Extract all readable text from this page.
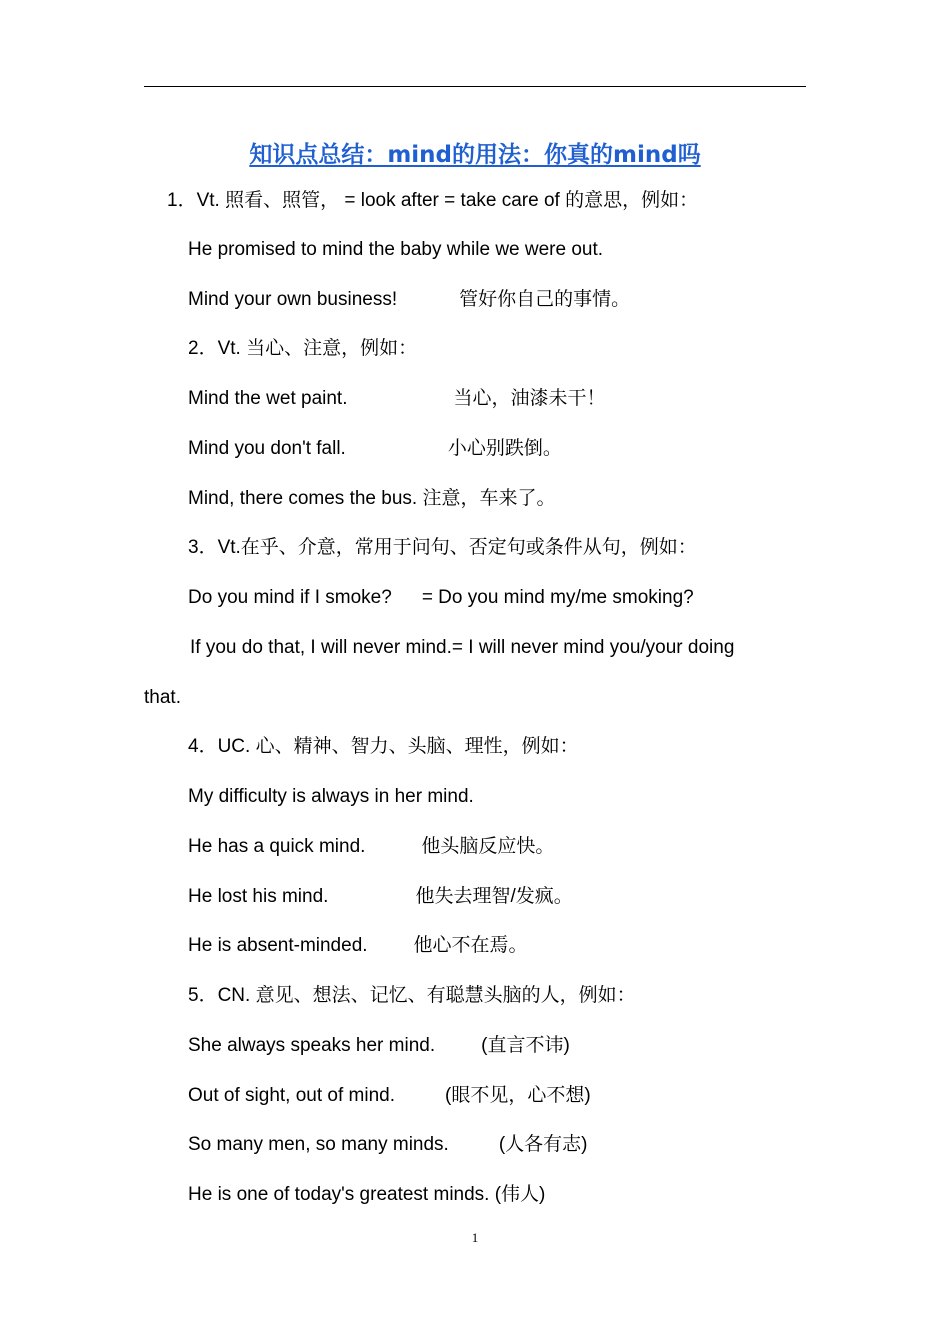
知识点总结：mind的用法：你真的mind吗
1．Vt. 照看、照管， = look after = take care of 的意思，例如：
He promised to mind the baby while we were out.
Mind your own business!	管好你自己的事情。
2．Vt. 当心、注意，例如：
Mind the wet paint.	当心，油漆未干！
Mind you don't fall.	小心别跌倒。
Mind, there comes the bus. 注意，车来了。
3．Vt.在乎、介意，常用于问句、否定句或条件从句，例如：
Do you mind if I smoke? = Do you mind my/me smoking?
If you do that, I will never mind.= I will never mind you/your doing
that.
4．UC. 心、精神、智力、头脑、理性，例如：
My difficulty is always in her mind.
He has a quick mind.	他头脑反应快。
He lost his mind.	他失去理智/发疯。
He is absent-minded. 他心不在焉。
5．CN. 意见、想法、记忆、有聪慧头脑的人，例如：
She always speaks her mind. (直言不讳)
Out of sight, out of mind.	(眼不见，心不想)
So many men, so many minds.	(人各有志)
He is one of today's greatest minds. (伟人)
1
